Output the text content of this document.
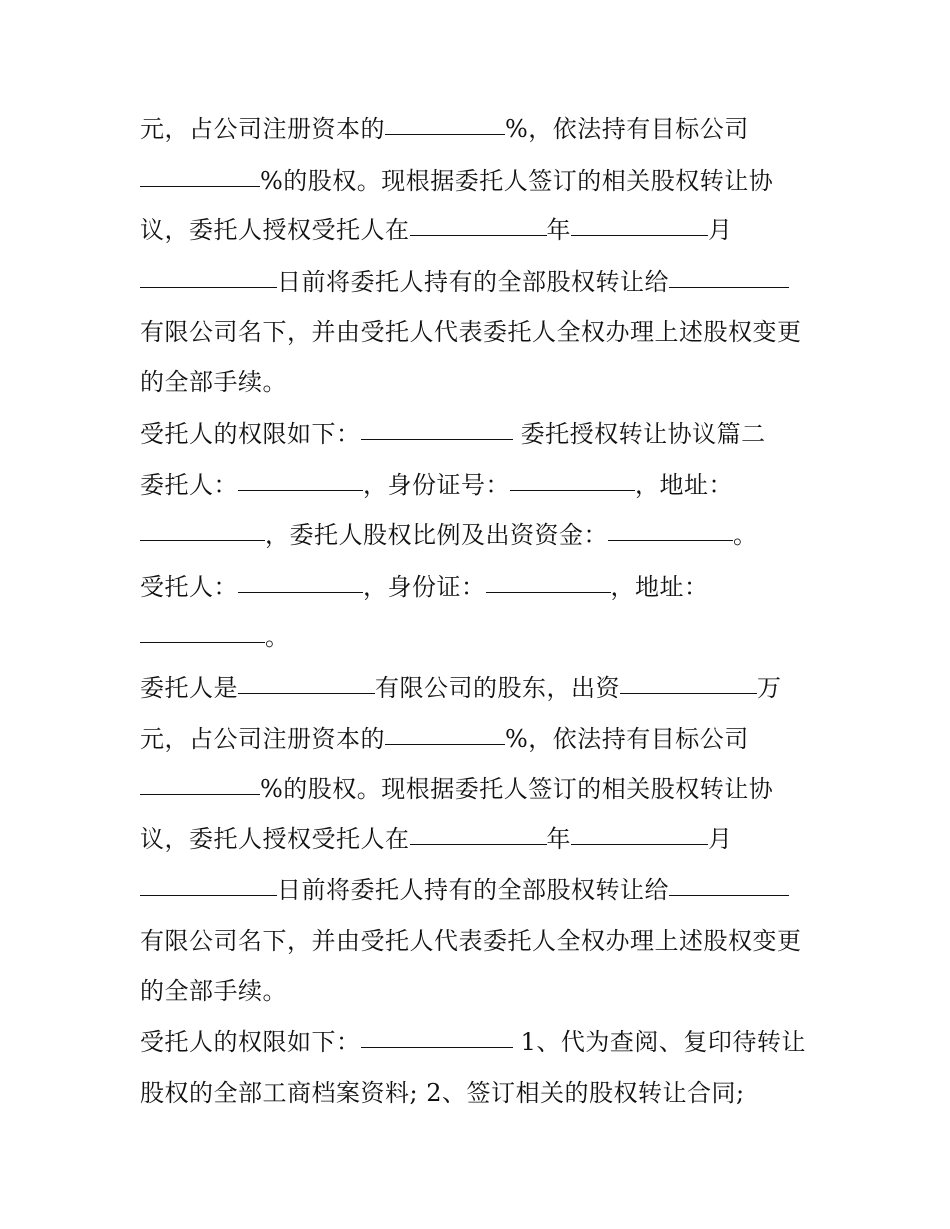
元，占公司注册资本的	%，依法持有目标公司
%的股权。现根据委托人签订的相关股权转让协
议，委托人授权受托人在	年	月
日前将委托人持有的全部股权转让给
有限公司名下，并由受托人代表委托人全权办理上述股权变更
的全部手续。
受托人的权限如下：	委托授权转让协议篇二
委托人：	，身份证号：	，地址：
，委托人股权比例及出资资金：	。
受托人：	，身份证：	，地址：
。
委托人是	有限公司的股东，出资	万
元，占公司注册资本的	%，依法持有目标公司
%的股权。现根据委托人签订的相关股权转让协
议，委托人授权受托人在	年	月
日前将委托人持有的全部股权转让给
有限公司名下，并由受托人代表委托人全权办理上述股权变更
的全部手续。
受托人的权限如下：	1、代为查阅、复印待转让
股权的全部工商档案资料; 2、签订相关的股权转让合同;
